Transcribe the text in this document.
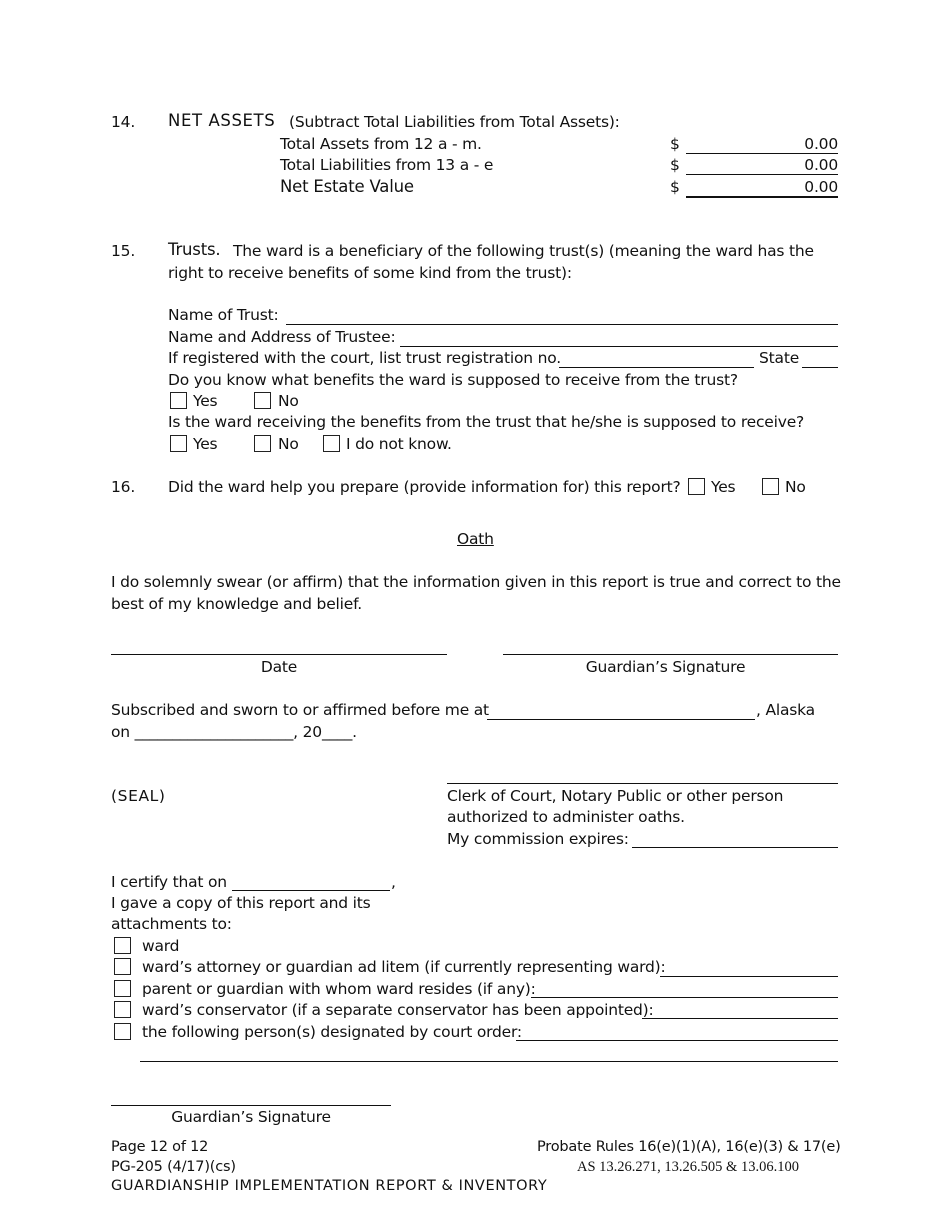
14. NET ASSETS (Subtract Total Liabilities from Total Assets):
Total Assets from 12 a - m.	$	0.00
Total Liabilities from 13 a - e	$	0.00
Net Estate Value	$	0.00
15. Trusts. The ward is a beneficiary of the following trust(s) (meaning the ward has the
right to receive benefits of some kind from the trust):
Name of Trust:
Name and Address of Trustee:
If registered with the court, list trust registration no.	State
Do you know what benefits the ward is supposed to receive from the trust?
Yes	No
Is the ward receiving the benefits from the trust that he/she is supposed to receive?
Yes	No	I do not know.
16. Did the ward help you prepare (provide information for) this report? Yes	No
Oath
I do solemnly swear (or affirm) that the information given in this report is true and correct to the
best of my knowledge and belief.
Date	Guardian’s Signature
Subscribed and sworn to or affirmed before me at	, Alaska
on _____________________, 20____.
(SEAL)	Clerk of Court, Notary Public or other person
authorized to administer oaths.
My commission expires:
I certify that on	,
I gave a copy of this report and its
attachments to:
ward
ward’s attorney or guardian ad litem (if currently representing ward):
parent or guardian with whom ward resides (if any):
ward’s conservator (if a separate conservator has been appointed):
the following person(s) designated by court order:
Guardian’s Signature
Page 12 of 12
PG-205 (4/17)(cs)
GUARDIANSHIP IMPLEMENTATION REPORT & INVENTORY
Probate Rules 16(e)(1)(A), 16(e)(3) & 17(e)
AS 13.26.271, 13.26.505 & 13.06.100
